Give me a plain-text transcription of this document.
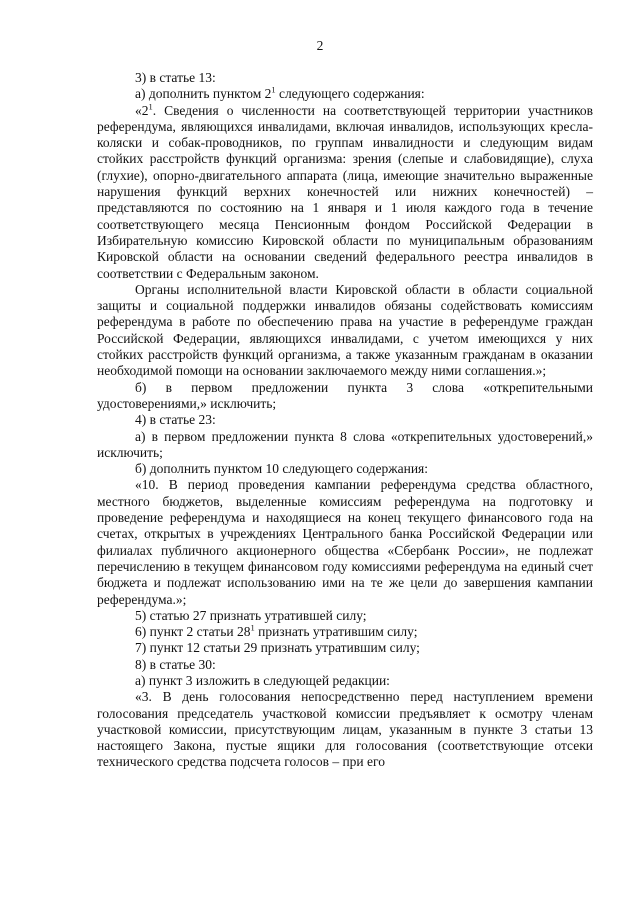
2

3) в статье 13:

а) дополнить пунктом $2^1$ следующего содержания:

«$2^1$. Сведения о численности на соответствующей территории участников референдума, являющихся инвалидами, включая инвалидов, использующих кресла-коляски и собак-проводников, по группам инвалидности и следующим видам стойких расстройств функций организма: зрения (слепые и слабовидящие), слуха (глухие), опорно-двигательного аппарата (лица, имеющие значительно выраженные нарушения функций верхних конечностей или нижних конечностей) – представляются по состоянию на 1 января и 1 июля каждого года в течение соответствующего месяца Пенсионным фондом Российской Федерации в Избирательную комиссию Кировской области по муниципальным образованиям Кировской области на основании сведений федерального реестра инвалидов в соответствии с Федеральным законом.

Органы исполнительной власти Кировской области в области социальной защиты и социальной поддержки инвалидов обязаны содействовать комиссиям референдума в работе по обеспечению права на участие в референдуме граждан Российской Федерации, являющихся инвалидами, с учетом имеющихся у них стойких расстройств функций организма, а также указанным гражданам в оказании необходимой помощи на основании заключаемого между ними соглашения.»;

б) в первом предложении пункта 3 слова «открепительными удостоверениями,» исключить;

4) в статье 23:

а) в первом предложении пункта 8 слова «открепительных удостоверений,» исключить;

б) дополнить пунктом 10 следующего содержания:

«10. В период проведения кампании референдума средства областного, местного бюджетов, выделенные комиссиям референдума на подготовку и проведение референдума и находящиеся на конец текущего финансового года на счетах, открытых в учреждениях Центрального банка Российской Федерации или филиалах публичного акционерного общества «Сбербанк России», не подлежат перечислению в текущем финансовом году комиссиями референдума на единый счет бюджета и подлежат использованию ими на те же цели до завершения кампании референдума.»;

5) статью 27 признать утратившей силу;

6) пункт 2 статьи $28^1$ признать утратившим силу;

7) пункт 12 статьи 29 признать утратившим силу;

8) в статье 30:

а) пункт 3 изложить в следующей редакции:

«3. В день голосования непосредственно перед наступлением времени голосования председатель участковой комиссии предъявляет к осмотру членам участковой комиссии, присутствующим лицам, указанным в пункте 3 статьи 13 настоящего Закона, пустые ящики для голосования (соответствующие отсеки технического средства подсчета голосов – при его
